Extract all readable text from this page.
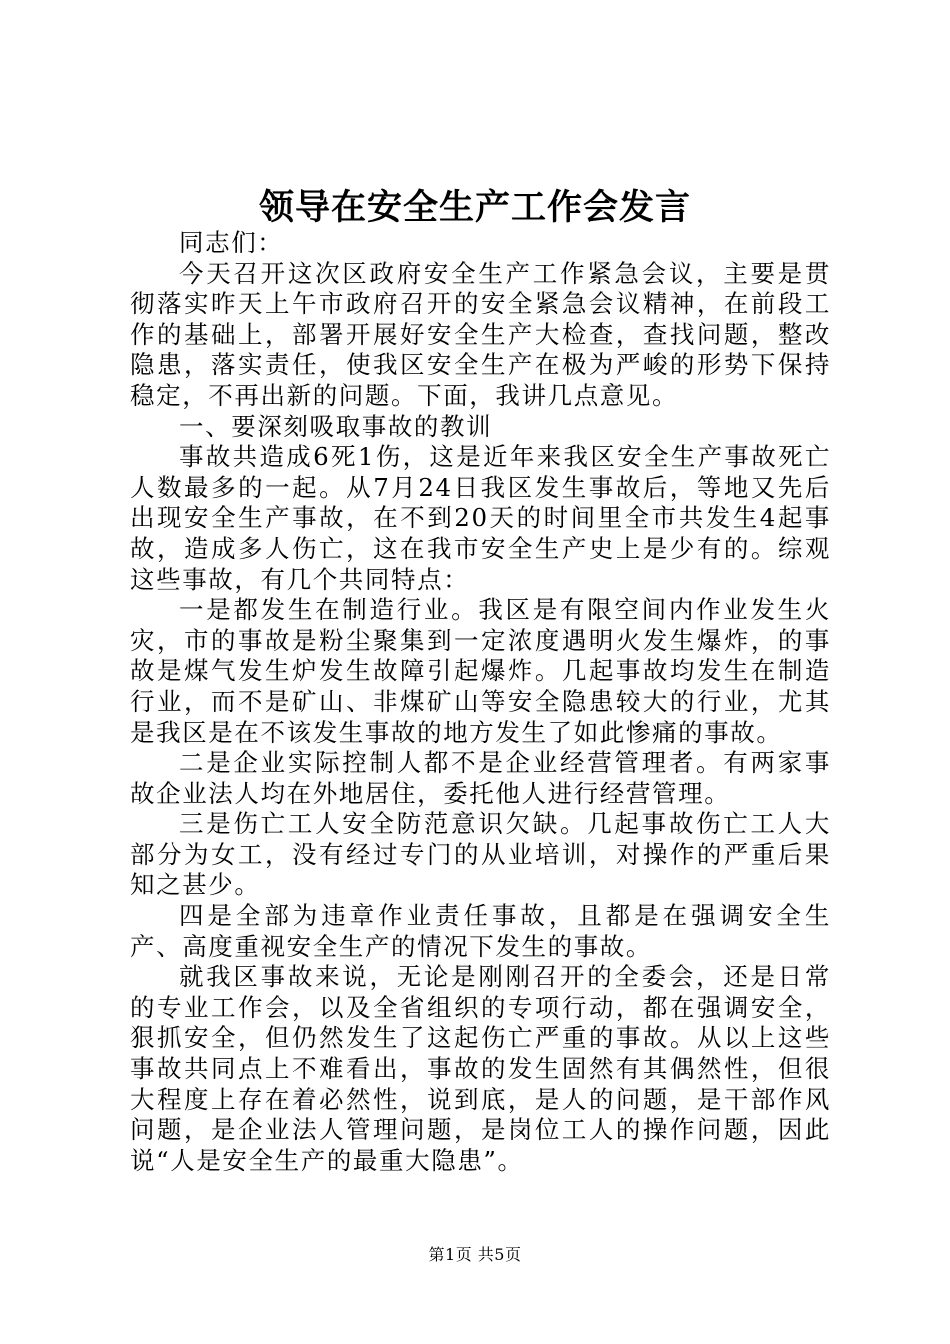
领导在安全生产工作会发言

同志们：

今天召开这次区政府安全生产工作紧急会议，主要是贯彻落实昨天上午市政府召开的安全紧急会议精神，在前段工作的基础上，部署开展好安全生产大检查，查找问题，整改隐患，落实责任，使我区安全生产在极为严峻的形势下保持稳定，不再出新的问题。下面，我讲几点意见。

一、要深刻吸取事故的教训

事故共造成6死1伤，这是近年来我区安全生产事故死亡人数最多的一起。从7月24日我区发生事故后，等地又先后出现安全生产事故，在不到20天的时间里全市共发生4起事故，造成多人伤亡，这在我市安全生产史上是少有的。综观这些事故，有几个共同特点：

一是都发生在制造行业。我区是有限空间内作业发生火灾，市的事故是粉尘聚集到一定浓度遇明火发生爆炸，的事故是煤气发生炉发生故障引起爆炸。几起事故均发生在制造行业，而不是矿山、非煤矿山等安全隐患较大的行业，尤其是我区是在不该发生事故的地方发生了如此惨痛的事故。

二是企业实际控制人都不是企业经营管理者。有两家事故企业法人均在外地居住，委托他人进行经营管理。

三是伤亡工人安全防范意识欠缺。几起事故伤亡工人大部分为女工，没有经过专门的从业培训，对操作的严重后果知之甚少。

四是全部为违章作业责任事故，且都是在强调安全生产、高度重视安全生产的情况下发生的事故。

就我区事故来说，无论是刚刚召开的全委会，还是日常的专业工作会，以及全省组织的专项行动，都在强调安全，狠抓安全，但仍然发生了这起伤亡严重的事故。从以上这些事故共同点上不难看出，事故的发生固然有其偶然性，但很大程度上存在着必然性，说到底，是人的问题，是干部作风问题，是企业法人管理问题，是岗位工人的操作问题，因此说“人是安全生产的最重大隐患”。

第1页 共5页
